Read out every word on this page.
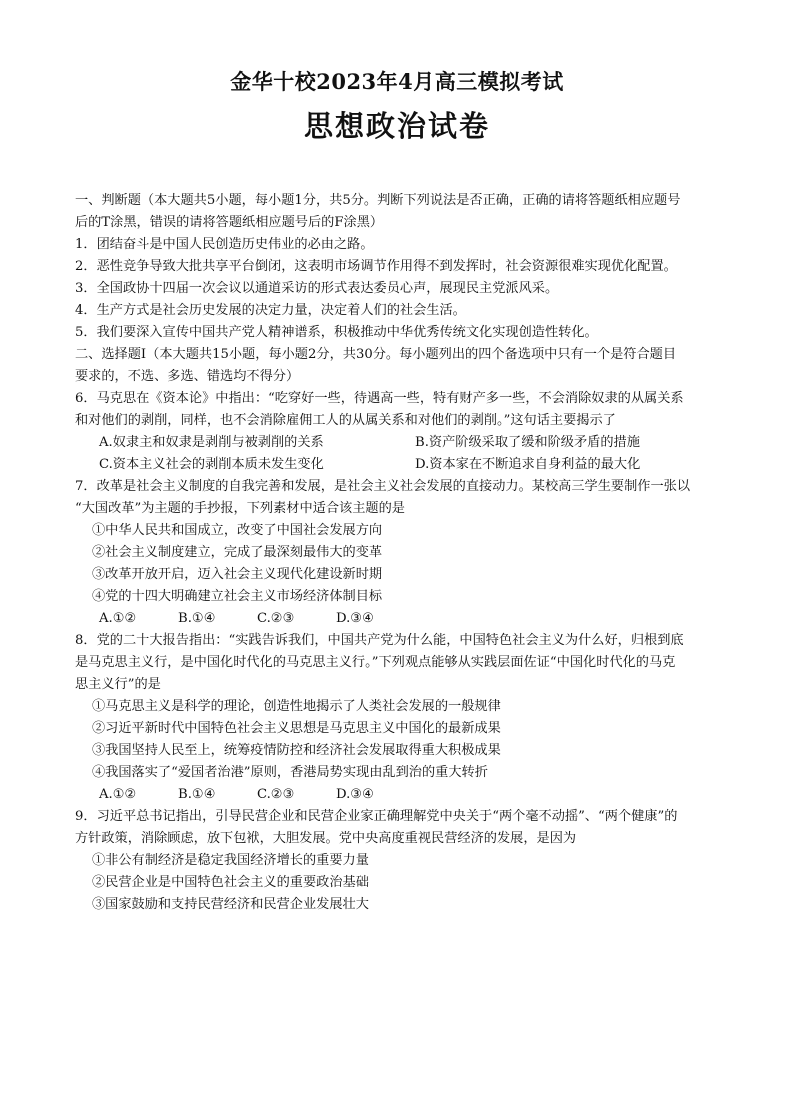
金华十校2023年4月高三模拟考试
思想政治试卷
一、判断题（本大题共5小题，每小题1分，共5分。判断下列说法是否正确，正确的请将答题纸相应题号
后的T涂黑，错误的请将答题纸相应题号后的F涂黑）
1．团结奋斗是中国人民创造历史伟业的必由之路。
2．恶性竞争导致大批共享平台倒闭，这表明市场调节作用得不到发挥时，社会资源很难实现优化配置。
3．全国政协十四届一次会议以通道采访的形式表达委员心声，展现民主党派风采。
4．生产方式是社会历史发展的决定力量，决定着人们的社会生活。
5．我们要深入宣传中国共产党人精神谱系，积极推动中华优秀传统文化实现创造性转化。
二、选择题Ⅰ（本大题共15小题，每小题2分，共30分。每小题列出的四个备选项中只有一个是符合题目
要求的，不选、多选、错选均不得分）
6．马克思在《资本论》中指出：“吃穿好一些，待遇高一些，特有财产多一些，不会消除奴隶的从属关系
和对他们的剥削，同样，也不会消除雇佣工人的从属关系和对他们的剥削。”这句话主要揭示了
A.奴隶主和奴隶是剥削与被剥削的关系	B.资产阶级采取了缓和阶级矛盾的措施
C.资本主义社会的剥削本质未发生变化	D.资本家在不断追求自身利益的最大化
7．改革是社会主义制度的自我完善和发展，是社会主义社会发展的直接动力。某校高三学生要制作一张以
“大国改革”为主题的手抄报，下列素材中适合该主题的是
①中华人民共和国成立，改变了中国社会发展方向
②社会主义制度建立，完成了最深刻最伟大的变革
③改革开放开启，迈入社会主义现代化建设新时期
④党的十四大明确建立社会主义市场经济体制目标
A.①②	B.①④	C.②③	D.③④
8．党的二十大报告指出：“实践告诉我们，中国共产党为什么能，中国特色社会主义为什么好，归根到底
是马克思主义行，是中国化时代化的马克思主义行。”下列观点能够从实践层面佐证“中国化时代化的马克
思主义行”的是
①马克思主义是科学的理论，创造性地揭示了人类社会发展的一般规律
②习近平新时代中国特色社会主义思想是马克思主义中国化的最新成果
③我国坚持人民至上，统筹疫情防控和经济社会发展取得重大积极成果
④我国落实了“爱国者治港”原则，香港局势实现由乱到治的重大转折
A.①②	B.①④	C.②③	D.③④
9．习近平总书记指出，引导民营企业和民营企业家正确理解党中央关于“两个毫不动摇”、“两个健康”的
方针政策，消除顾虑，放下包袱，大胆发展。党中央高度重视民营经济的发展，是因为
①非公有制经济是稳定我国经济增长的重要力量
②民营企业是中国特色社会主义的重要政治基础
③国家鼓励和支持民营经济和民营企业发展壮大
